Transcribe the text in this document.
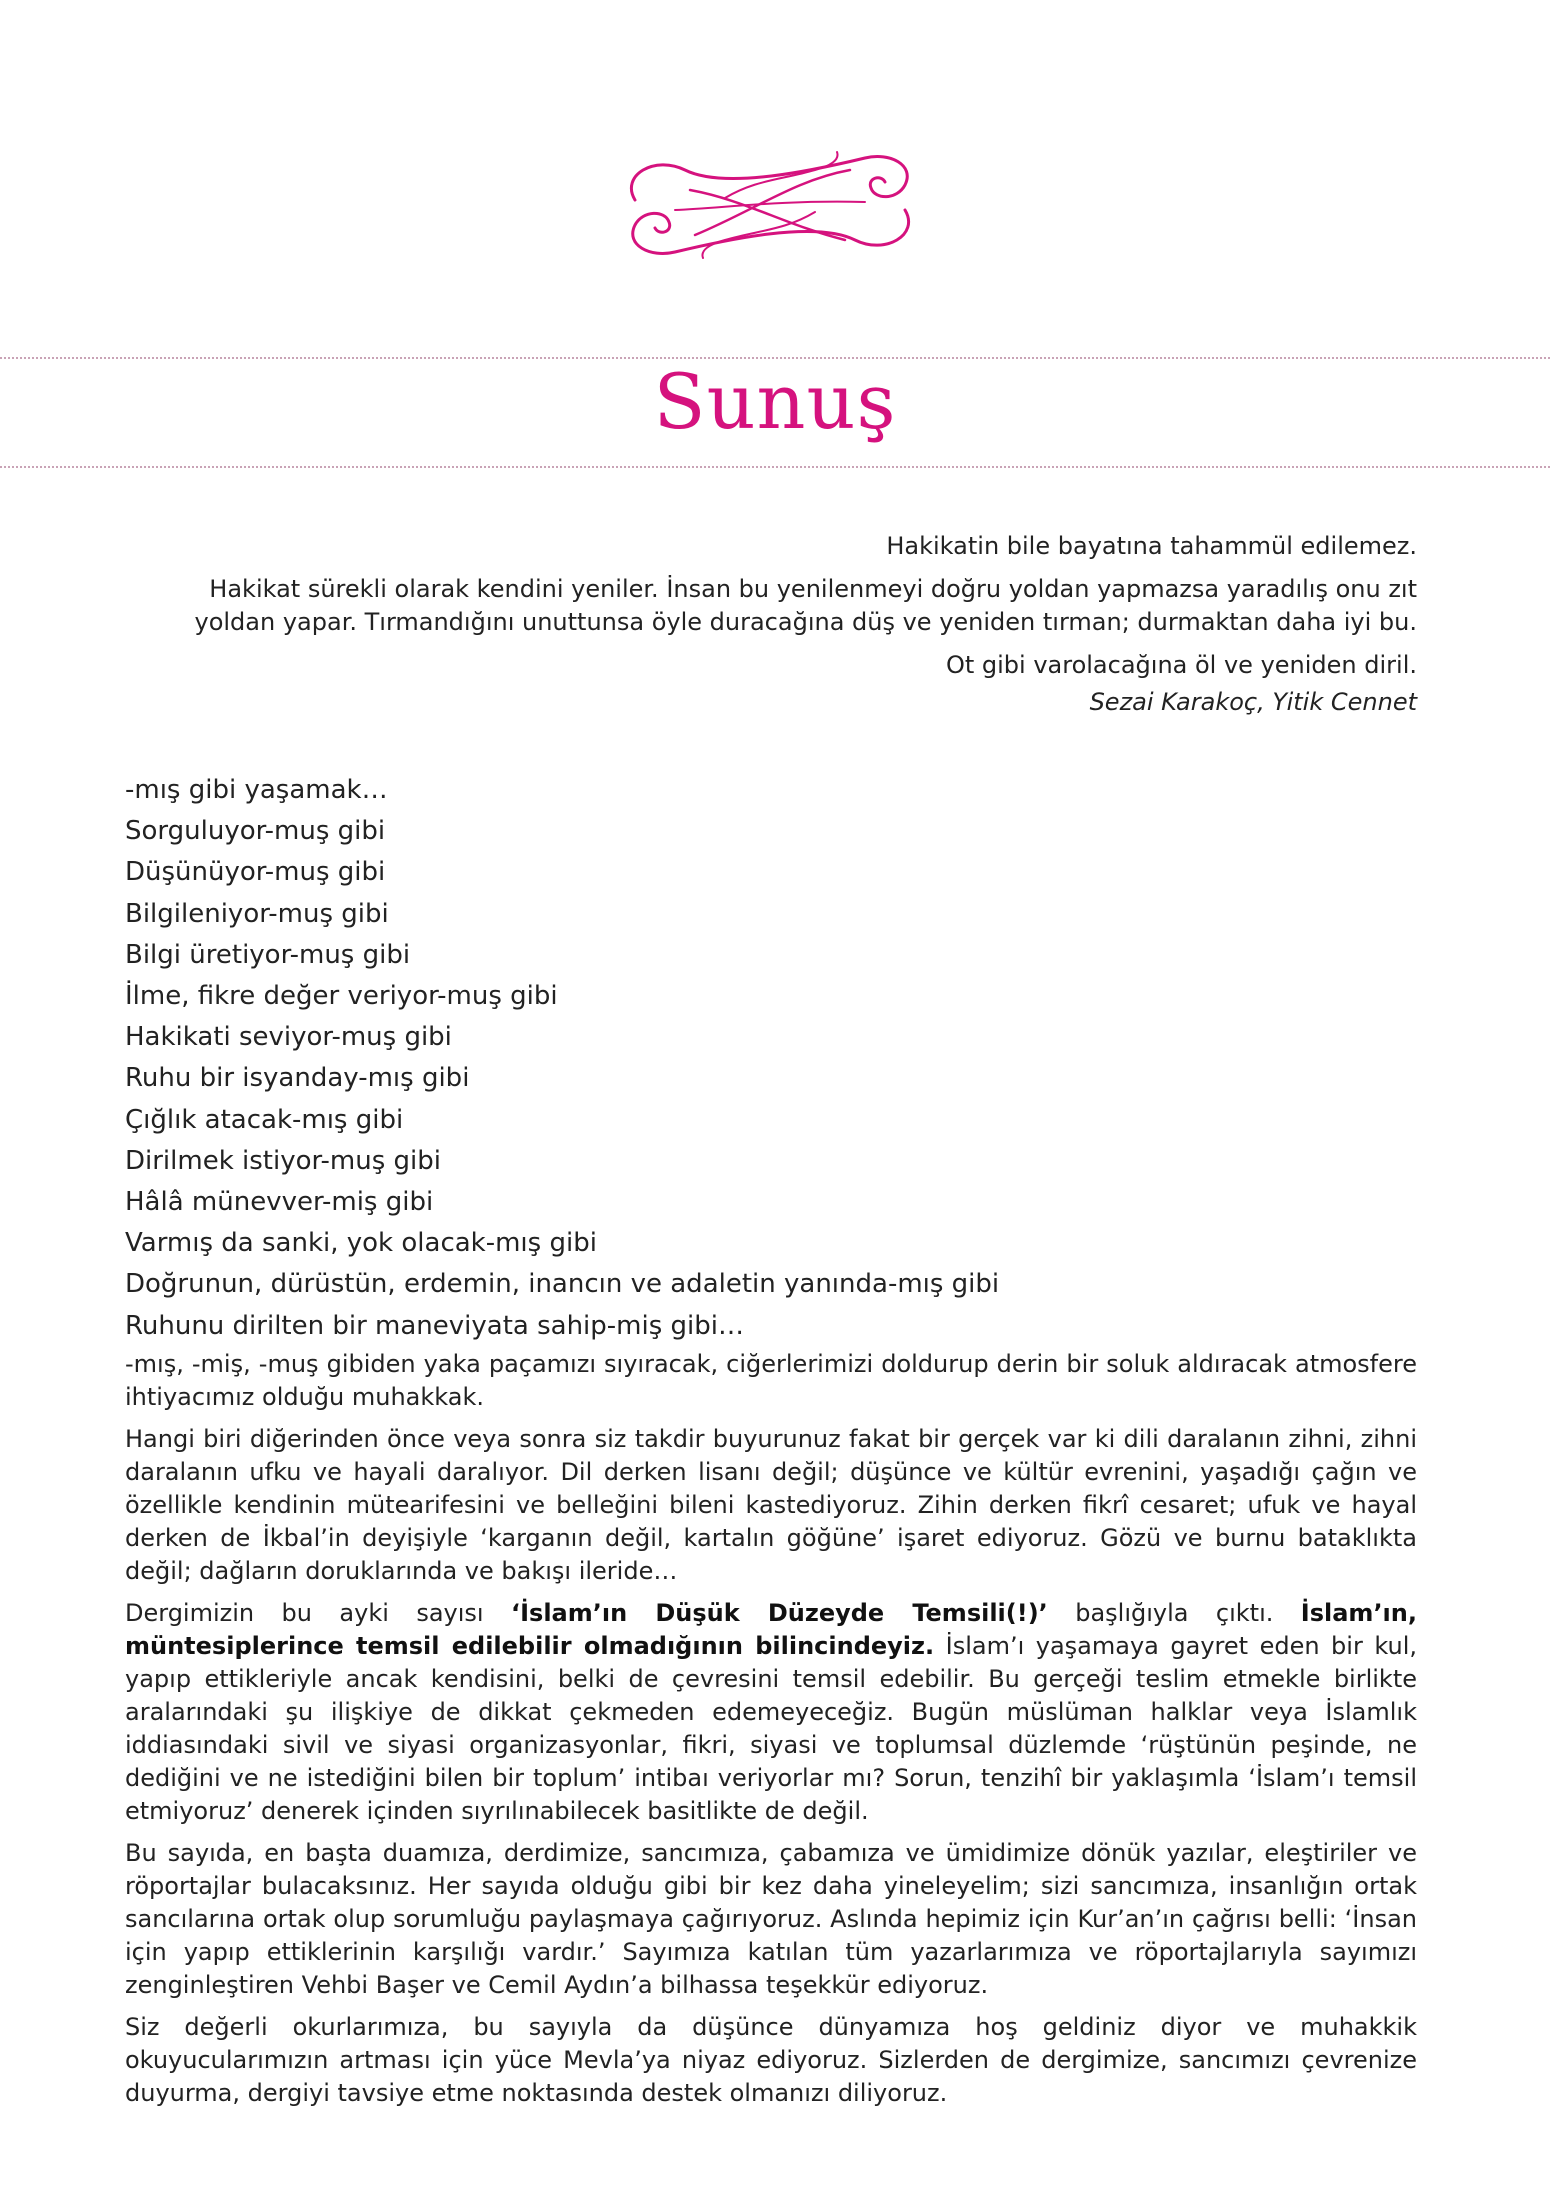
Sunuş

Hakikatin bile bayatına tahammül edilemez.

Hakikat sürekli olarak kendini yeniler. İnsan bu yenilenmeyi doğru yoldan yapmazsa yaradılış onu zıt yoldan yapar. Tırmandığını unuttunsa öyle duracağına düş ve yeniden tırman; durmaktan daha iyi bu.

Ot gibi varolacağına öl ve yeniden diril.

Sezai Karakoç, Yitik Cennet

-mış gibi yaşamak…
Sorguluyor-muş gibi
Düşünüyor-muş gibi
Bilgileniyor-muş gibi
Bilgi üretiyor-muş gibi
İlme, fikre değer veriyor-muş gibi
Hakikati seviyor-muş gibi
Ruhu bir isyanday-mış gibi
Çığlık atacak-mış gibi
Dirilmek istiyor-muş gibi
Hâlâ münevver-miş gibi
Varmış da sanki, yok olacak-mış gibi
Doğrunun, dürüstün, erdemin, inancın ve adaletin yanında-mış gibi
Ruhunu dirilten bir maneviyata sahip-miş gibi…

-mış, -miş, -muş gibiden yaka paçamızı sıyıracak, ciğerlerimizi doldurup derin bir soluk aldıracak atmosfere ihtiyacımız olduğu muhakkak.

Hangi biri diğerinden önce veya sonra siz takdir buyurunuz fakat bir gerçek var ki dili daralanın zihni, zihni daralanın ufku ve hayali daralıyor. Dil derken lisanı değil; düşünce ve kültür evrenini, yaşadığı çağın ve özellikle kendinin mütearifesini ve belleğini bileni kastediyoruz. Zihin derken fikrî cesaret; ufuk ve hayal derken de İkbal’in deyişiyle ‘karganın değil, kartalın göğüne’ işaret ediyoruz. Gözü ve burnu bataklıkta değil; dağların doruklarında ve bakışı ileride…

Dergimizin bu ayki sayısı ‘İslam’ın Düşük Düzeyde Temsili(!)’ başlığıyla çıktı. İslam’ın, müntesiplerince temsil edilebilir olmadığının bilincindeyiz. İslam’ı yaşamaya gayret eden bir kul, yapıp ettikleriyle ancak kendisini, belki de çevresini temsil edebilir. Bu gerçeği teslim etmekle birlikte aralarındaki şu ilişkiye de dikkat çekmeden edemeyeceğiz. Bugün müslüman halklar veya İslamlık iddiasındaki sivil ve siyasi organizasyonlar, fikri, siyasi ve toplumsal düzlemde ‘rüştünün peşinde, ne dediğini ve ne istediğini bilen bir toplum’ intibaı veriyorlar mı? Sorun, tenzihî bir yaklaşımla ‘İslam’ı temsil etmiyoruz’ denerek içinden sıyrılınabilecek basitlikte de değil.

Bu sayıda, en başta duamıza, derdimize, sancımıza, çabamıza ve ümidimize dönük yazılar, eleştiriler ve röportajlar bulacaksınız. Her sayıda olduğu gibi bir kez daha yineleyelim; sizi sancımıza, insanlığın ortak sancılarına ortak olup sorumluğu paylaşmaya çağırıyoruz. Aslında hepimiz için Kur’an’ın çağrısı belli: ‘İnsan için yapıp ettiklerinin karşılığı vardır.’ Sayımıza katılan tüm yazarlarımıza ve röportajlarıyla sayımızı zenginleştiren Vehbi Başer ve Cemil Aydın’a bilhassa teşekkür ediyoruz.

Siz değerli okurlarımıza, bu sayıyla da düşünce dünyamıza hoş geldiniz diyor ve muhakkik okuyucularımızın artması için yüce Mevla’ya niyaz ediyoruz. Sizlerden de dergimize, sancımızı çevrenize duyurma, dergiyi tavsiye etme noktasında destek olmanızı diliyoruz.
